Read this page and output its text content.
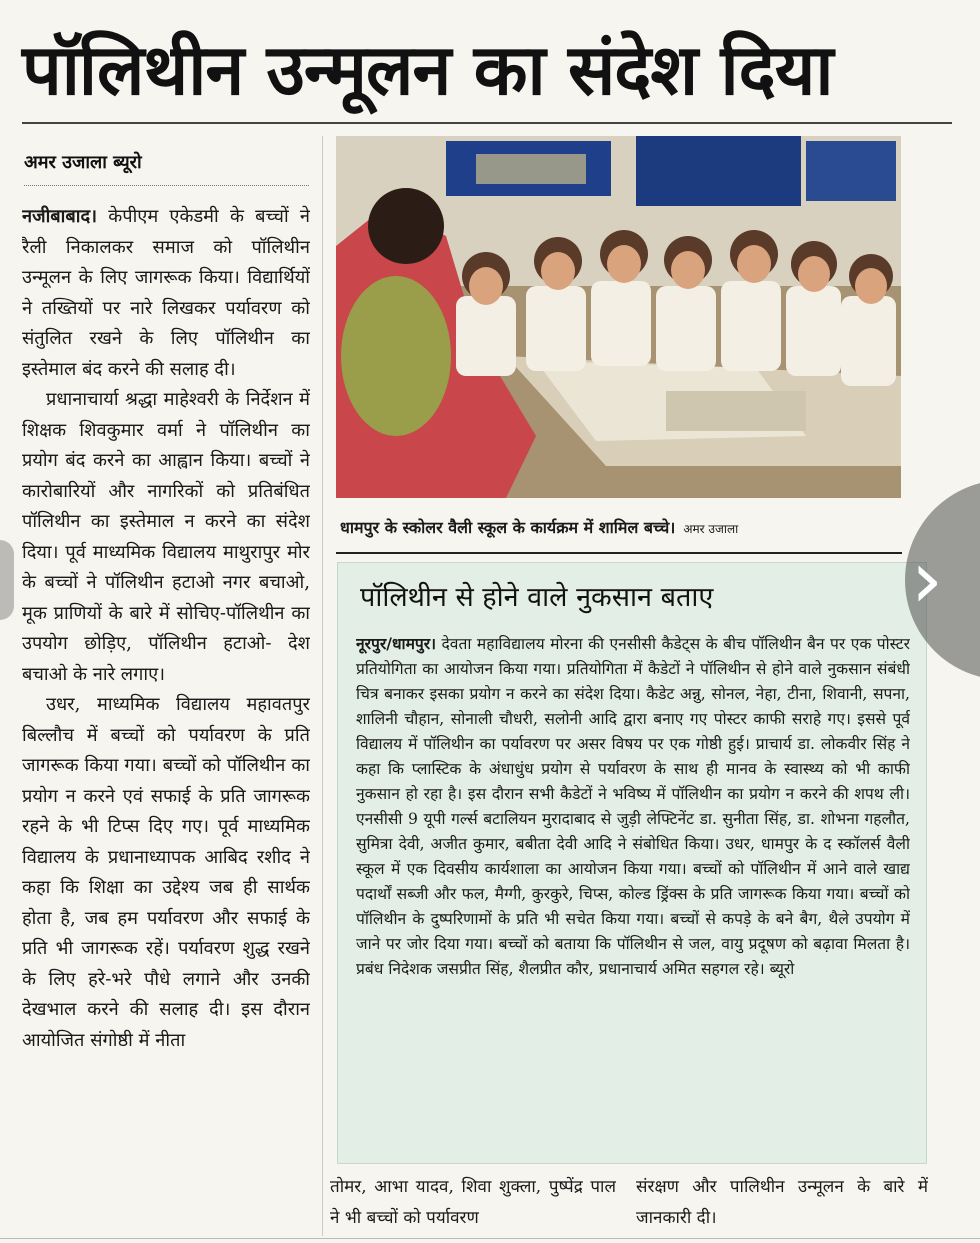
पॉलिथीन उन्मूलन का संदेश दिया
अमर उजाला ब्यूरो

नजीबाबाद। केपीएम एकेडमी के बच्चों ने रैली निकालकर समाज को पॉलिथीन उन्मूलन के लिए जागरूक किया। विद्यार्थियों ने तख्तियों पर नारे लिखकर पर्यावरण को संतुलित रखने के लिए पॉलिथीन का इस्तेमाल बंद करने की सलाह दी।

प्रधानाचार्या श्रद्धा माहेश्वरी के निर्देशन में शिक्षक शिवकुमार वर्मा ने पॉलिथीन का प्रयोग बंद करने का आह्वान किया। बच्चों ने कारोबारियों और नागरिकों को प्रतिबंधित पॉलिथीन का इस्तेमाल न करने का संदेश दिया। पूर्व माध्यमिक विद्यालय माथुरापुर मोर के बच्चों ने पॉलिथीन हटाओ नगर बचाओ, मूक प्राणियों के बारे में सोचिए-पॉलिथीन का उपयोग छोड़िए, पॉलिथीन हटाओ- देश बचाओ के नारे लगाए।

उधर, माध्यमिक विद्यालय महावतपुर बिल्लौच में बच्चों को पर्यावरण के प्रति जागरूक किया गया। बच्चों को पॉलिथीन का प्रयोग न करने एवं सफाई के प्रति जागरूक रहने के भी टिप्स दिए गए। पूर्व माध्यमिक विद्यालय के प्रधानाध्यापक आबिद रशीद ने कहा कि शिक्षा का उद्देश्य जब ही सार्थक होता है, जब हम पर्यावरण और सफाई के प्रति भी जागरूक रहें। पर्यावरण शुद्ध रखने के लिए हरे-भरे पौधे लगाने और उनकी देखभाल करने की सलाह दी। इस दौरान आयोजित संगोष्ठी में नीता

धामपुर के स्कोलर वैली स्कूल के कार्यक्रम में शामिल बच्चे। अमर उजाला
पॉलिथीन से होने वाले नुकसान बताए

नूरपुर/धामपुर। देवता महाविद्यालय मोरना की एनसीसी कैडेट्स के बीच पॉलिथीन बैन पर एक पोस्टर प्रतियोगिता का आयोजन किया गया। प्रतियोगिता में कैडेटों ने पॉलिथीन से होने वाले नुकसान संबंधी चित्र बनाकर इसका प्रयोग न करने का संदेश दिया। कैडेट अन्नु, सोनल, नेहा, टीना, शिवानी, सपना, शालिनी चौहान, सोनाली चौधरी, सलोनी आदि द्वारा बनाए गए पोस्टर काफी सराहे गए। इससे पूर्व विद्यालय में पॉलिथीन का पर्यावरण पर असर विषय पर एक गोष्ठी हुई। प्राचार्य डा. लोकवीर सिंह ने कहा कि प्लास्टिक के अंधाधुंध प्रयोग से पर्यावरण के साथ ही मानव के स्वास्थ्य को भी काफी नुकसान हो रहा है। इस दौरान सभी कैडेटों ने भविष्य में पॉलिथीन का प्रयोग न करने की शपथ ली। एनसीसी 9 यूपी गर्ल्स बटालियन मुरादाबाद से जुड़ी लेफ्टिनेंट डा. सुनीता सिंह, डा. शोभना गहलौत, सुमित्रा देवी, अजीत कुमार, बबीता देवी आदि ने संबोधित किया। उधर, धामपुर के द स्कॉलर्स वैली स्कूल में एक दिवसीय कार्यशाला का आयोजन किया गया। बच्चों को पॉलिथीन में आने वाले खाद्य पदार्थों सब्जी और फल, मैग्गी, कुरकुरे, चिप्स, कोल्ड ड्रिंक्स के प्रति जागरूक किया गया। बच्चों को पॉलिथीन के दुष्परिणामों के प्रति भी सचेत किया गया। बच्चों से कपड़े के बने बैग, थैले उपयोग में जाने पर जोर दिया गया। बच्चों को बताया कि पॉलिथीन से जल, वायु प्रदूषण को बढ़ावा मिलता है। प्रबंध निदेशक जसप्रीत सिंह, शैलप्रीत कौर, प्रधानाचार्य अमित सहगल रहे। ब्यूरो

तोमर, आभा यादव, शिवा शुक्ला, पुष्पेंद्र पाल ने भी बच्चों को पर्यावरण
संरक्षण और पालिथीन उन्मूलन के बारे में जानकारी दी।
›
